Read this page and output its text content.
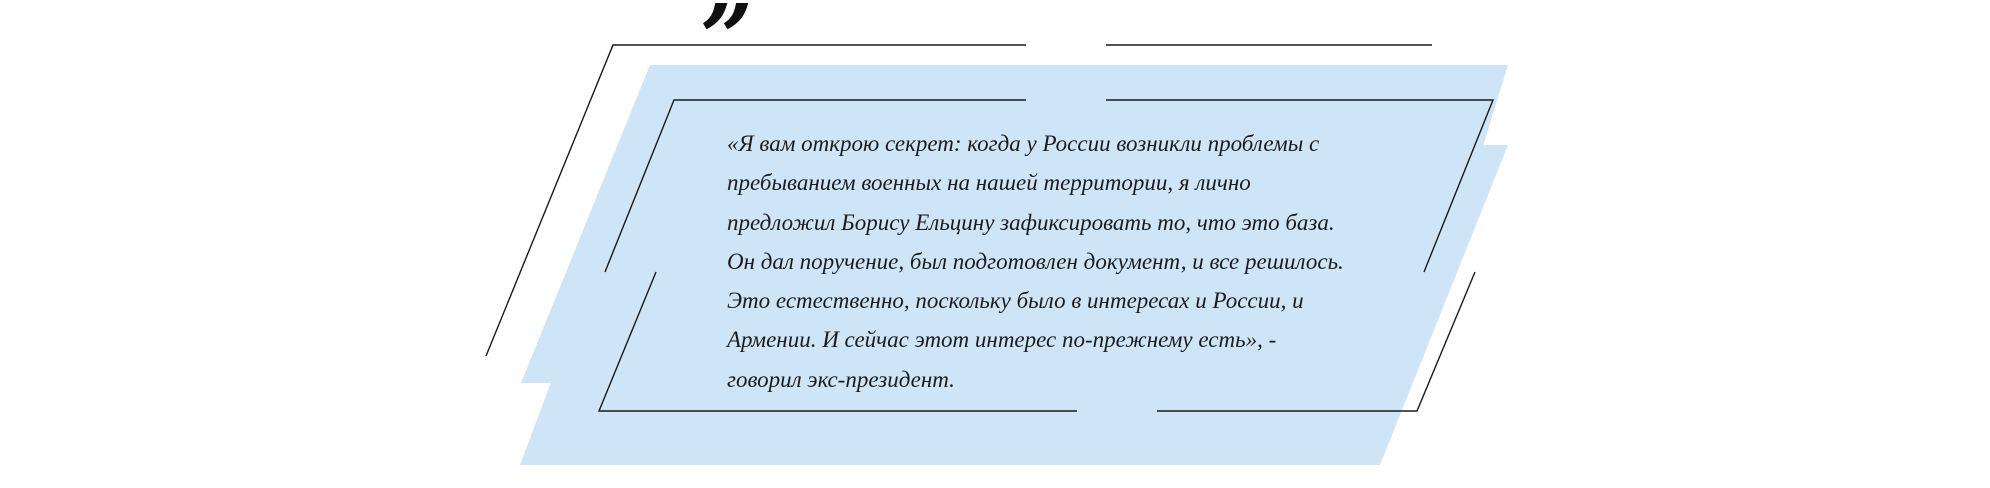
”

«Я вам открою секрет: когда у России возникли проблемы с пребыванием военных на нашей территории, я лично предложил Борису Ельцину зафиксировать то, что это база. Он дал поручение, был подготовлен документ, и все решилось. Это естественно, поскольку было в интересах и России, и Армении. И сейчас этот интерес по-прежнему есть», - говорил экс-президент.
